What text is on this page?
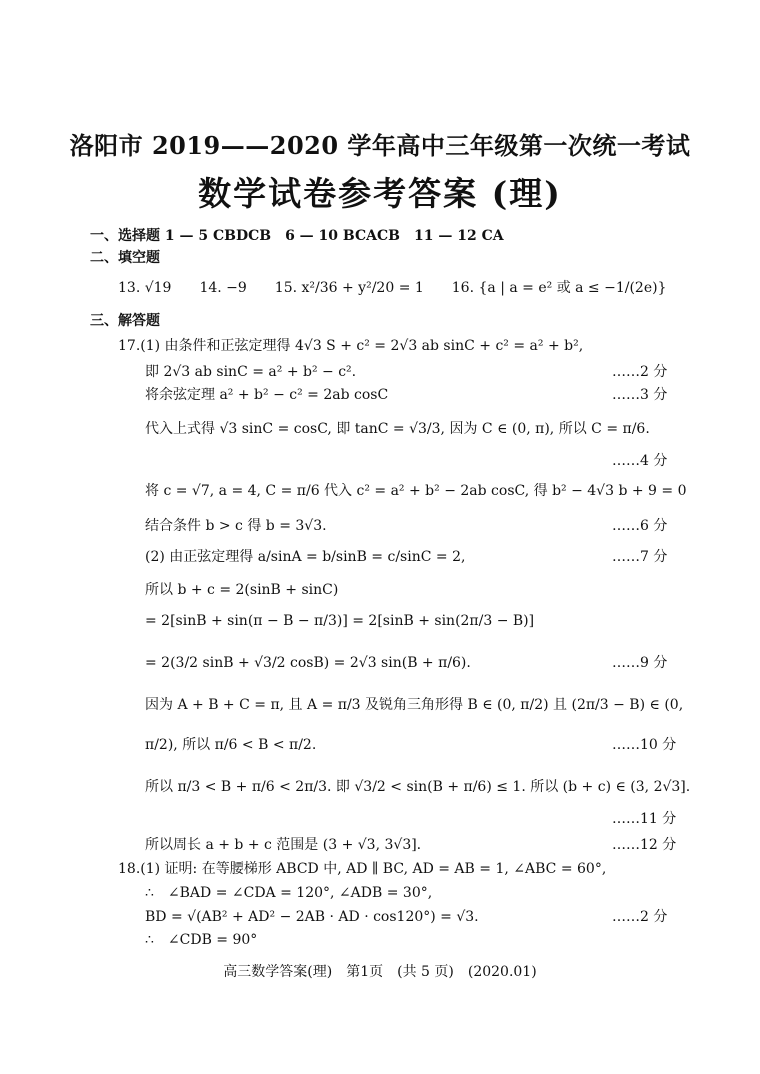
洛阳市 2019——2020 学年高中三年级第一次统一考试
数学试卷参考答案 (理)
一、选择题 1 — 5 CBDCB　6 — 10 BCACB　11 — 12 CA
二、填空题
13. √19　　14. −9　　15. x²/36 + y²/20 = 1　　16. {a | a = e² 或 a ≤ −1/(2e)}
三、解答题
17.(1) 由条件和正弦定理得 4√3 S + c² = 2√3 ab sinC + c² = a² + b²,
即 2√3 ab sinC = a² + b² − c².	……2 分
将余弦定理 a² + b² − c² = 2ab cosC	……3 分
代入上式得 √3 sinC = cosC, 即 tanC = √3/3, 因为 C ∈ (0, π), 所以 C = π/6.
……4 分
将 c = √7, a = 4, C = π/6 代入 c² = a² + b² − 2ab cosC, 得 b² − 4√3 b + 9 = 0
结合条件 b > c 得 b = 3√3.	……6 分
(2) 由正弦定理得 a/sinA = b/sinB = c/sinC = 2,	……7 分
所以 b + c = 2(sinB + sinC)
= 2[sinB + sin(π − B − π/3)] = 2[sinB + sin(2π/3 − B)]
= 2(3/2 sinB + √3/2 cosB) = 2√3 sin(B + π/6).	……9 分
因为 A + B + C = π, 且 A = π/3 及锐角三角形得 B ∈ (0, π/2) 且 (2π/3 − B) ∈ (0,
π/2), 所以 π/6 < B < π/2.	……10 分
所以 π/3 < B + π/6 < 2π/3. 即 √3/2 < sin(B + π/6) ≤ 1. 所以 (b + c) ∈ (3, 2√3].
……11 分
所以周长 a + b + c 范围是 (3 + √3, 3√3].	……12 分
18.(1) 证明: 在等腰梯形 ABCD 中, AD ∥ BC, AD = AB = 1, ∠ABC = 60°,
∴　∠BAD = ∠CDA = 120°, ∠ADB = 30°,
BD = √(AB² + AD² − 2AB · AD · cos120°) = √3.	……2 分
∴　∠CDB = 90°
高三数学答案(理)　第1页　(共 5 页)　(2020.01)
